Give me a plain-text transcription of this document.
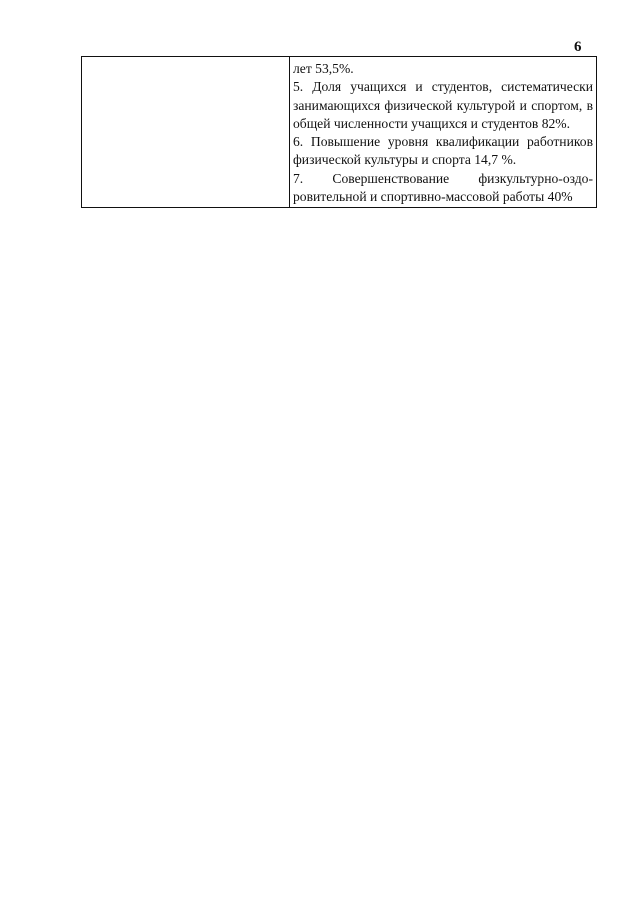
6

лет 53,5%.

5. Доля учащихся и студентов, систематически занимающихся физической культурой и спортом, в общей численности учащихся и студентов 82%.

6. Повышение уровня квалификации работников физической культуры и спорта 14,7 %.

7. Совершенствование физкультурно-оздоровительной и спортивно-массовой работы 40%
